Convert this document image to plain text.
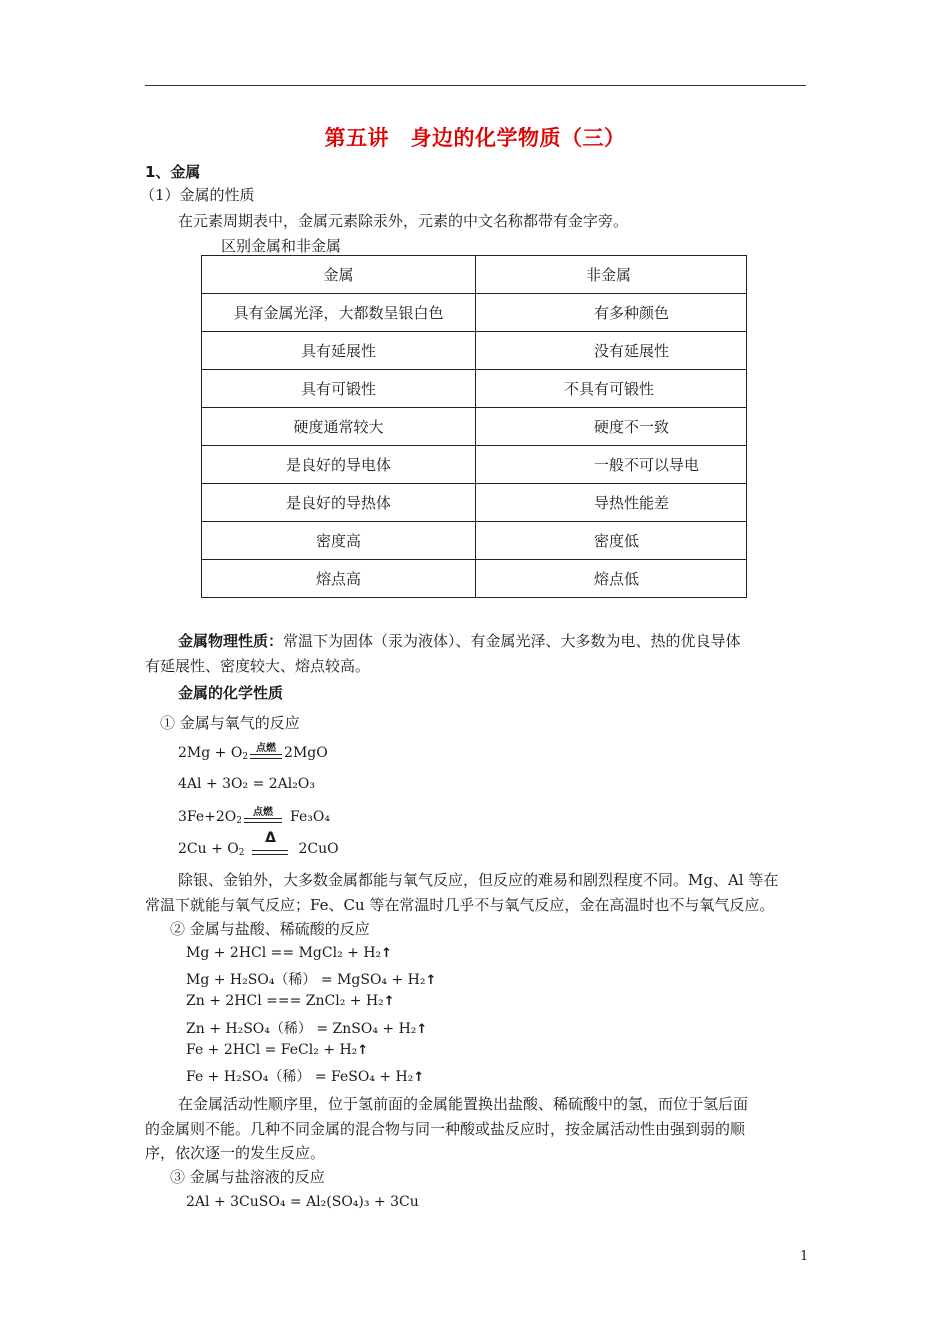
第五讲　身边的化学物质（三）
1、金属
（1）金属的性质
在元素周期表中，金属元素除汞外，元素的中文名称都带有金字旁。
区别金属和非金属
金属	非金属
具有金属光泽，大都数呈银白色	有多种颜色
具有延展性	没有延展性
具有可锻性	不具有可锻性
硬度通常较大	硬度不一致
是良好的导电体	一般不可以导电
是良好的导热体	导热性能差
密度高	密度低
熔点高	熔点低
金属物理性质：常温下为固体（汞为液体）、有金属光泽、大多数为电、热的优良导体
有延展性、密度较大、熔点较高。
金属的化学性质
① 金属与氧气的反应
$2Mg + O_2$
点燃 2MgO
4Al + 3O₂ = 2Al₂O₃
$3Fe+2O_2$
点燃	Fe₃O₄
$2Cu + O_2$
Δ
2CuO
除银、金铂外，大多数金属都能与氧气反应，但反应的难易和剧烈程度不同。Mg、Al 等在
常温下就能与氧气反应；Fe、Cu 等在常温时几乎不与氧气反应，金在高温时也不与氧气反应。
② 金属与盐酸、稀硫酸的反应
Mg + 2HCl == MgCl₂ + H₂↑
Mg + H₂SO₄（稀） = MgSO₄ + H₂↑
Zn + 2HCl === ZnCl₂ + H₂↑
Zn + H₂SO₄（稀） = ZnSO₄ + H₂↑
Fe + 2HCl = FeCl₂ + H₂↑
Fe + H₂SO₄（稀） = FeSO₄ + H₂↑
在金属活动性顺序里，位于氢前面的金属能置换出盐酸、稀硫酸中的氢，而位于氢后面
的金属则不能。几种不同金属的混合物与同一种酸或盐反应时，按金属活动性由强到弱的顺
序，依次逐一的发生反应。
③ 金属与盐溶液的反应
2Al + 3CuSO₄ = Al₂(SO₄)₃ + 3Cu
1
